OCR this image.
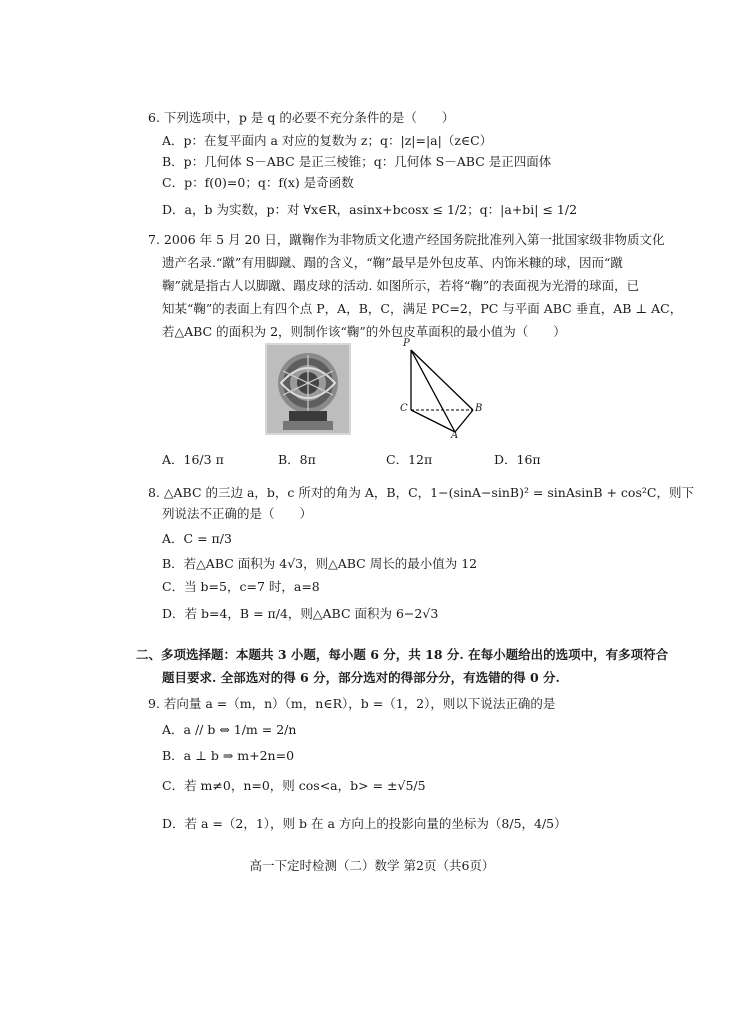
6. 下列选项中，p 是 q 的必要不充分条件的是（　　）
A．p：在复平面内 a 对应的复数为 z；q：|z|=|a|（z∈C）
B．p：几何体 S－ABC 是正三棱锥；q：几何体 S－ABC 是正四面体
C．p：f(0)=0；q：f(x) 是奇函数
D．a，b 为实数，p：对 ∀x∈R，asinx+bcosx ≤ 1/2；q：|a+bi| ≤ 1/2
7. 2006 年 5 月 20 日，蹴鞠作为非物质文化遗产经国务院批准列入第一批国家级非物质文化
遗产名录.“蹴”有用脚蹴、蹋的含义，“鞠”最早是外包皮革、内饰米糠的球，因而“蹴
鞠”就是指古人以脚蹴、蹋皮球的活动. 如图所示，若将“鞠”的表面视为光滑的球面，已
知某“鞠”的表面上有四个点 P，A，B，C，满足 PC=2，PC 与平面 ABC 垂直，AB ⊥ AC，
若△ABC 的面积为 2，则制作该“鞠”的外包皮革面积的最小值为（　　）
P
C	B
A
A．16/3 π	B．8π	C．12π	D．16π
8. △ABC 的三边 a，b，c 所对的角为 A，B，C，1−(sinA−sinB)² = sinAsinB + cos²C，则下
列说法不正确的是（　　）
A．C = π/3
B．若△ABC 面积为 4√3，则△ABC 周长的最小值为 12
C．当 b=5，c=7 时，a=8
D．若 b=4，B = π/4，则△ABC 面积为 6−2√3
二、多项选择题：本题共 3 小题，每小题 6 分，共 18 分. 在每小题给出的选项中，有多项符合
题目要求. 全部选对的得 6 分，部分选对的得部分分，有选错的得 0 分.
9. 若向量 a =（m，n）（m，n∈R），b =（1，2），则以下说法正确的是
A．a // b ⇔ 1/m = 2/n
B．a ⊥ b ⇒ m+2n=0
C．若 m≠0，n=0，则 cos<a，b> = ±√5/5
D．若 a =（2，1），则 b 在 a 方向上的投影向量的坐标为（8/5，4/5）
高一下定时检测（二）数学 第2页（共6页）
